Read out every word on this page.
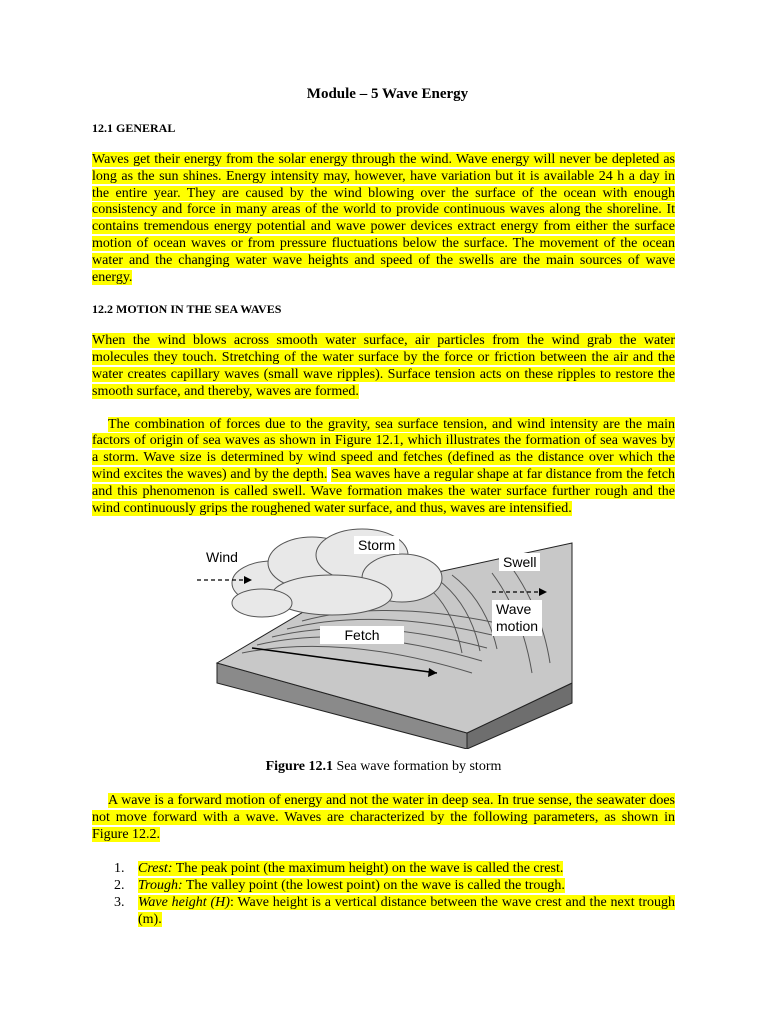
Module – 5 Wave Energy
12.1 GENERAL

Waves get their energy from the solar energy through the wind. Wave energy will never be depleted as long as the sun shines. Energy intensity may, however, have variation but it is available 24 h a day in the entire year. They are caused by the wind blowing over the surface of the ocean with enough consistency and force in many areas of the world to provide continuous waves along the shoreline. It contains tremendous energy potential and wave power devices extract energy from either the surface motion of ocean waves or from pressure fluctuations below the surface. The movement of the ocean water and the changing water wave heights and speed of the swells are the main sources of wave energy.

12.2 MOTION IN THE SEA WAVES

When the wind blows across smooth water surface, air particles from the wind grab the water molecules they touch. Stretching of the water surface by the force or friction between the air and the water creates capillary waves (small wave ripples). Surface tension acts on these ripples to restore the smooth surface, and thereby, waves are formed.

The combination of forces due to the gravity, sea surface tension, and wind intensity are the main factors of origin of sea waves as shown in Figure 12.1, which illustrates the formation of sea waves by a storm. Wave size is determined by wind speed and fetches (defined as the distance over which the wind excites the waves) and by the depth. Sea waves have a regular shape at far distance from the fetch and this phenomenon is called swell. Wave formation makes the water surface further rough and the wind continuously grips the roughened water surface, and thus, waves are intensified.

Wind
Storm
Swell
Wave
motion
Fetch
Figure 12.1 Sea wave formation by storm

A wave is a forward motion of energy and not the water in deep sea. In true sense, the seawater does not move forward with a wave. Waves are characterized by the following parameters, as shown in Figure 12.2.

1. Crest: The peak point (the maximum height) on the wave is called the crest.
2. Trough: The valley point (the lowest point) on the wave is called the trough.
3. Wave height (H): Wave height is a vertical distance between the wave crest and the next trough (m).
